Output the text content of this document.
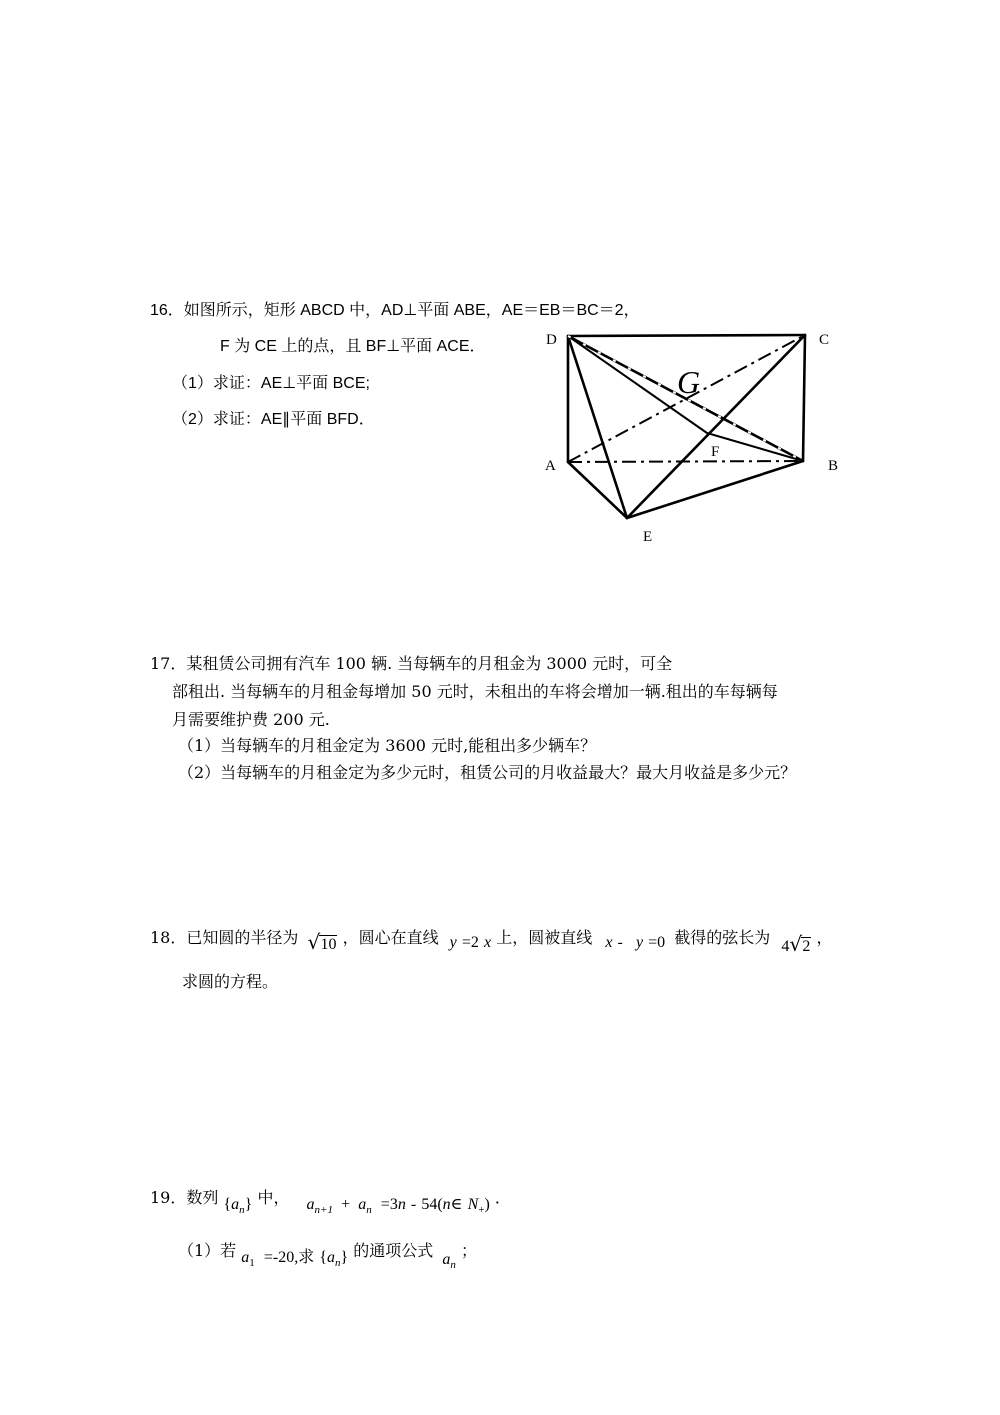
16．如图所示，矩形 ABCD 中，AD⊥平面 ABE，AE＝EB＝BC＝2，
F 为 CE 上的点，且 BF⊥平面 ACE．
（1）求证：AE⊥平面 BCE;
（2）求证：AE∥平面 BFD．
D	C
A	B
E
F
G
17．某租赁公司拥有汽车 100 辆. 当每辆车的月租金为 3000 元时，可全
部租出. 当每辆车的月租金每增加 50 元时，未租出的车将会增加一辆.租出的车每辆每
月需要维护费 200 元.
（1）当每辆车的月租金定为 3600 元时,能租出多少辆车？
（2）当每辆车的月租金定为多少元时，租赁公司的月收益最大？最大月收益是多少元？
18．已知圆的半径为 √ 10 ，圆心在直线 y =2 x 上，圆被直线 x - y =0 截得的弦长为 4 √ 2 ，
求圆的方程。
19．数列 $\{a_n\}$ 中， $a_{n+1} + a_n =3n$ - 54(n∈ $N_+$) ．
（1）若 $a_1 =-20$,求 $\{a_n\}$ 的通项公式 $a_n$ ；
